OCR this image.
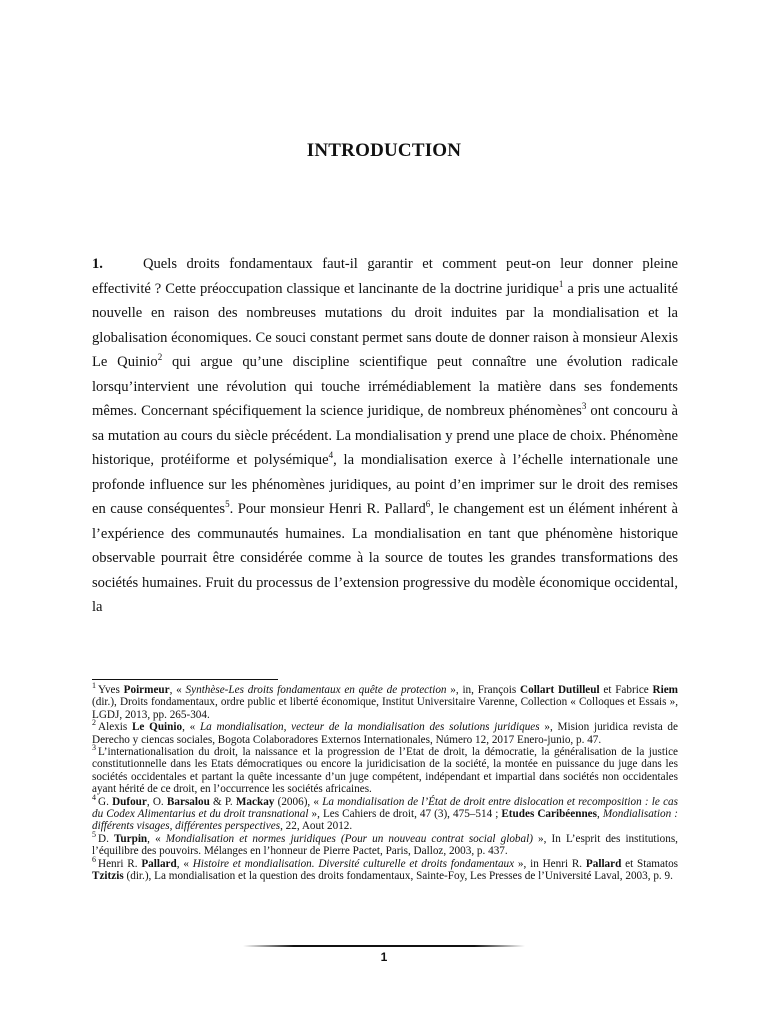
INTRODUCTION
1.	Quels droits fondamentaux faut-il garantir et comment peut-on leur donner pleine effectivité ? Cette préoccupation classique et lancinante de la doctrine juridique$^1$ a pris une actualité nouvelle en raison des nombreuses mutations du droit induites par la mondialisation et la globalisation économiques. Ce souci constant permet sans doute de donner raison à monsieur Alexis Le Quinio$^2$ qui argue qu’une discipline scientifique peut connaître une évolution radicale lorsqu’intervient une révolution qui touche irrémédiablement la matière dans ses fondements mêmes. Concernant spécifiquement la science juridique, de nombreux phénomènes$^3$ ont concouru à sa mutation au cours du siècle précédent. La mondialisation y prend une place de choix. Phénomène historique, protéiforme et polysémique$^4$, la mondialisation exerce à l’échelle internationale une profonde influence sur les phénomènes juridiques, au point d’en imprimer sur le droit des remises en cause conséquentes$^5$. Pour monsieur Henri R. Pallard$^6$, le changement est un élément inhérent à l’expérience des communautés humaines. La mondialisation en tant que phénomène historique observable pourrait être considérée comme à la source de toutes les grandes transformations des sociétés humaines. Fruit du processus de l’extension progressive du modèle économique occidental, la

$^1$ Yves Poirmeur, « Synthèse-Les droits fondamentaux en quête de protection », in, François Collart Dutilleul et Fabrice Riem (dir.), Droits fondamentaux, ordre public et liberté économique, Institut Universitaire Varenne, Collection « Colloques et Essais », LGDJ, 2013, pp. 265-304.

$^2$ Alexis Le Quinio, « La mondialisation, vecteur de la mondialisation des solutions juridiques », Mision juridica revista de Derecho y ciencas sociales, Bogota Colaboradores Externos Internationales, Número 12, 2017 Enero-junio, p. 47.

$^3$ L’internationalisation du droit, la naissance et la progression de l’Etat de droit, la démocratie, la généralisation de la justice constitutionnelle dans les Etats démocratiques ou encore la juridicisation de la société, la montée en puissance du juge dans les sociétés occidentales et partant la quête incessante d’un juge compétent, indépendant et impartial dans sociétés non occidentales ayant hérité de ce droit, en l’occurrence les sociétés africaines.

$^4$ G. Dufour, O. Barsalou & P. Mackay (2006), « La mondialisation de l’État de droit entre dislocation et recomposition : le cas du Codex Alimentarius et du droit transnational », Les Cahiers de droit, 47 (3), 475–514 ; Etudes Caribéennes, Mondialisation : différents visages, différentes perspectives, 22, Aout 2012.

$^5$ D. Turpin, « Mondialisation et normes juridiques (Pour un nouveau contrat social global) », In L’esprit des institutions, l’équilibre des pouvoirs. Mélanges en l’honneur de Pierre Pactet, Paris, Dalloz, 2003, p. 437.

$^6$ Henri R. Pallard, « Histoire et mondialisation. Diversité culturelle et droits fondamentaux », in Henri R. Pallard et Stamatos Tzitzis (dir.), La mondialisation et la question des droits fondamentaux, Sainte-Foy, Les Presses de l’Université Laval, 2003, p. 9.

1
